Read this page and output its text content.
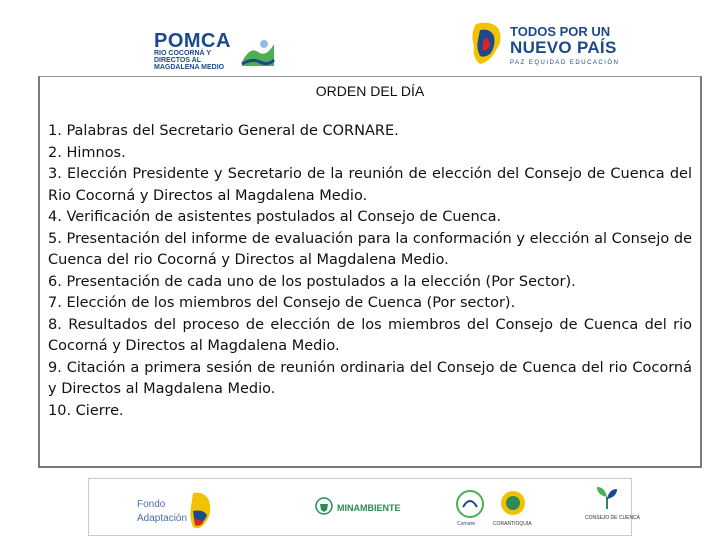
POMCA
RIO COCORNÁ Y DIRECTOS AL MAGDALENA MEDIO
TODOS POR UN
NUEVO PAÍS
PAZ EQUIDAD EDUCACIÓN
ORDEN DEL DÍA
1. Palabras del Secretario General de CORNARE.
2. Himnos.
3. Elección Presidente y Secretario de la reunión de elección del Consejo de Cuenca del Rio Cocorná y Directos al Magdalena Medio.
4. Verificación de asistentes postulados al Consejo de Cuenca.
5. Presentación del informe de evaluación para la conformación y elección al Consejo de Cuenca del rio Cocorná y Directos al Magdalena Medio.
6. Presentación de cada uno de los postulados a la elección (Por Sector).
7. Elección de los miembros del Consejo de Cuenca (Por sector).
8. Resultados del proceso de elección de los miembros del Consejo de Cuenca del rio Cocorná y Directos al Magdalena Medio.
9. Citación a primera sesión de reunión ordinaria del Consejo de Cuenca del rio Cocorná y Directos al Magdalena Medio.
10. Cierre.
Fondo
Adaptación
MINAMBIENTE
Cornare	CORANTIOQUIA
CONSEJO DE CUENCA
